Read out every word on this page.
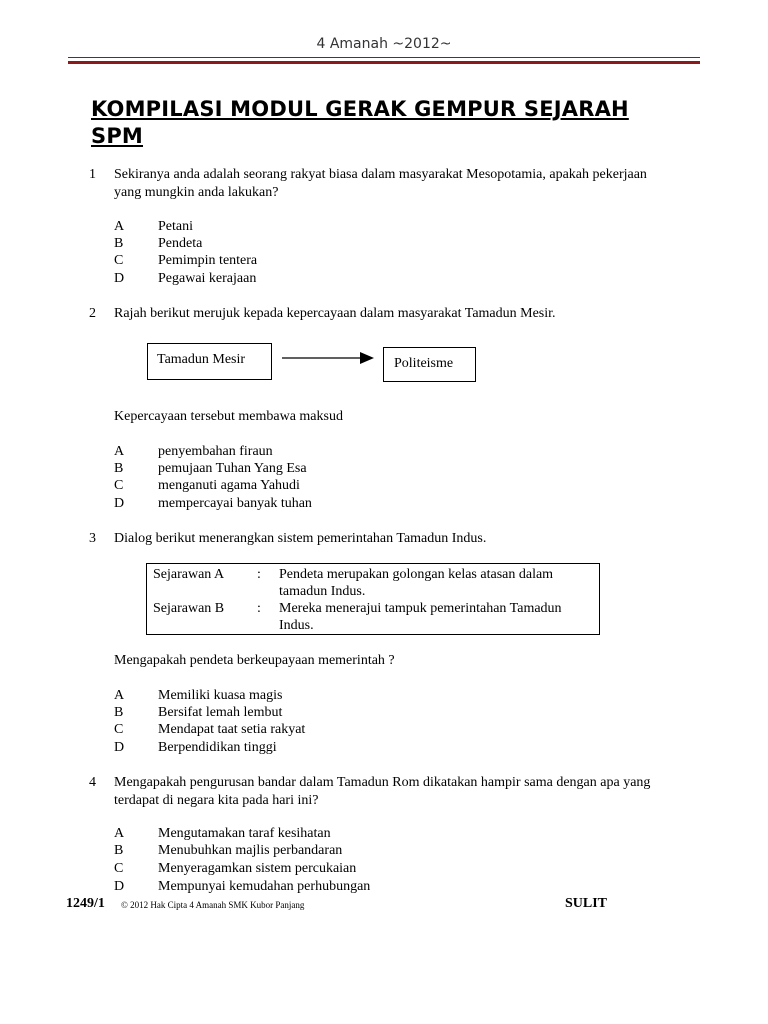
4 Amanah ~2012~
KOMPILASI MODUL GERAK GEMPUR SEJARAH
SPM
1 Sekiranya anda adalah seorang rakyat biasa dalam masyarakat Mesopotamia, apakah pekerjaan
yang mungkin anda lakukan?
A Petani
B Pendeta
C Pemimpin tentera
D Pegawai kerajaan
2 Rajah berikut merujuk kepada kepercayaan dalam masyarakat Tamadun Mesir.
Tamadun Mesir	Politeisme
Kepercayaan tersebut membawa maksud
A penyembahan firaun
B pemujaan Tuhan Yang Esa
C menganuti agama Yahudi
D mempercayai banyak tuhan
3 Dialog berikut menerangkan sistem pemerintahan Tamadun Indus.
Sejarawan A	:	Pendeta merupakan golongan kelas atasan dalam
tamadun Indus.

Sejarawan B	:	Mereka menerajui tampuk pemerintahan Tamadun
Indus.
Mengapakah pendeta berkeupayaan memerintah ?
A Memiliki kuasa magis
B Bersifat lemah lembut
C Mendapat taat setia rakyat
D Berpendidikan tinggi
4 Mengapakah pengurusan bandar dalam Tamadun Rom dikatakan hampir sama dengan apa yang
terdapat di negara kita pada hari ini?
A Mengutamakan taraf kesihatan
B Menubuhkan majlis perbandaran
C Menyeragamkan sistem percukaian
D Mempunyai kemudahan perhubungan
1249/1 © 2012 Hak Cipta 4 Amanah SMK Kubor Panjang	SULIT
